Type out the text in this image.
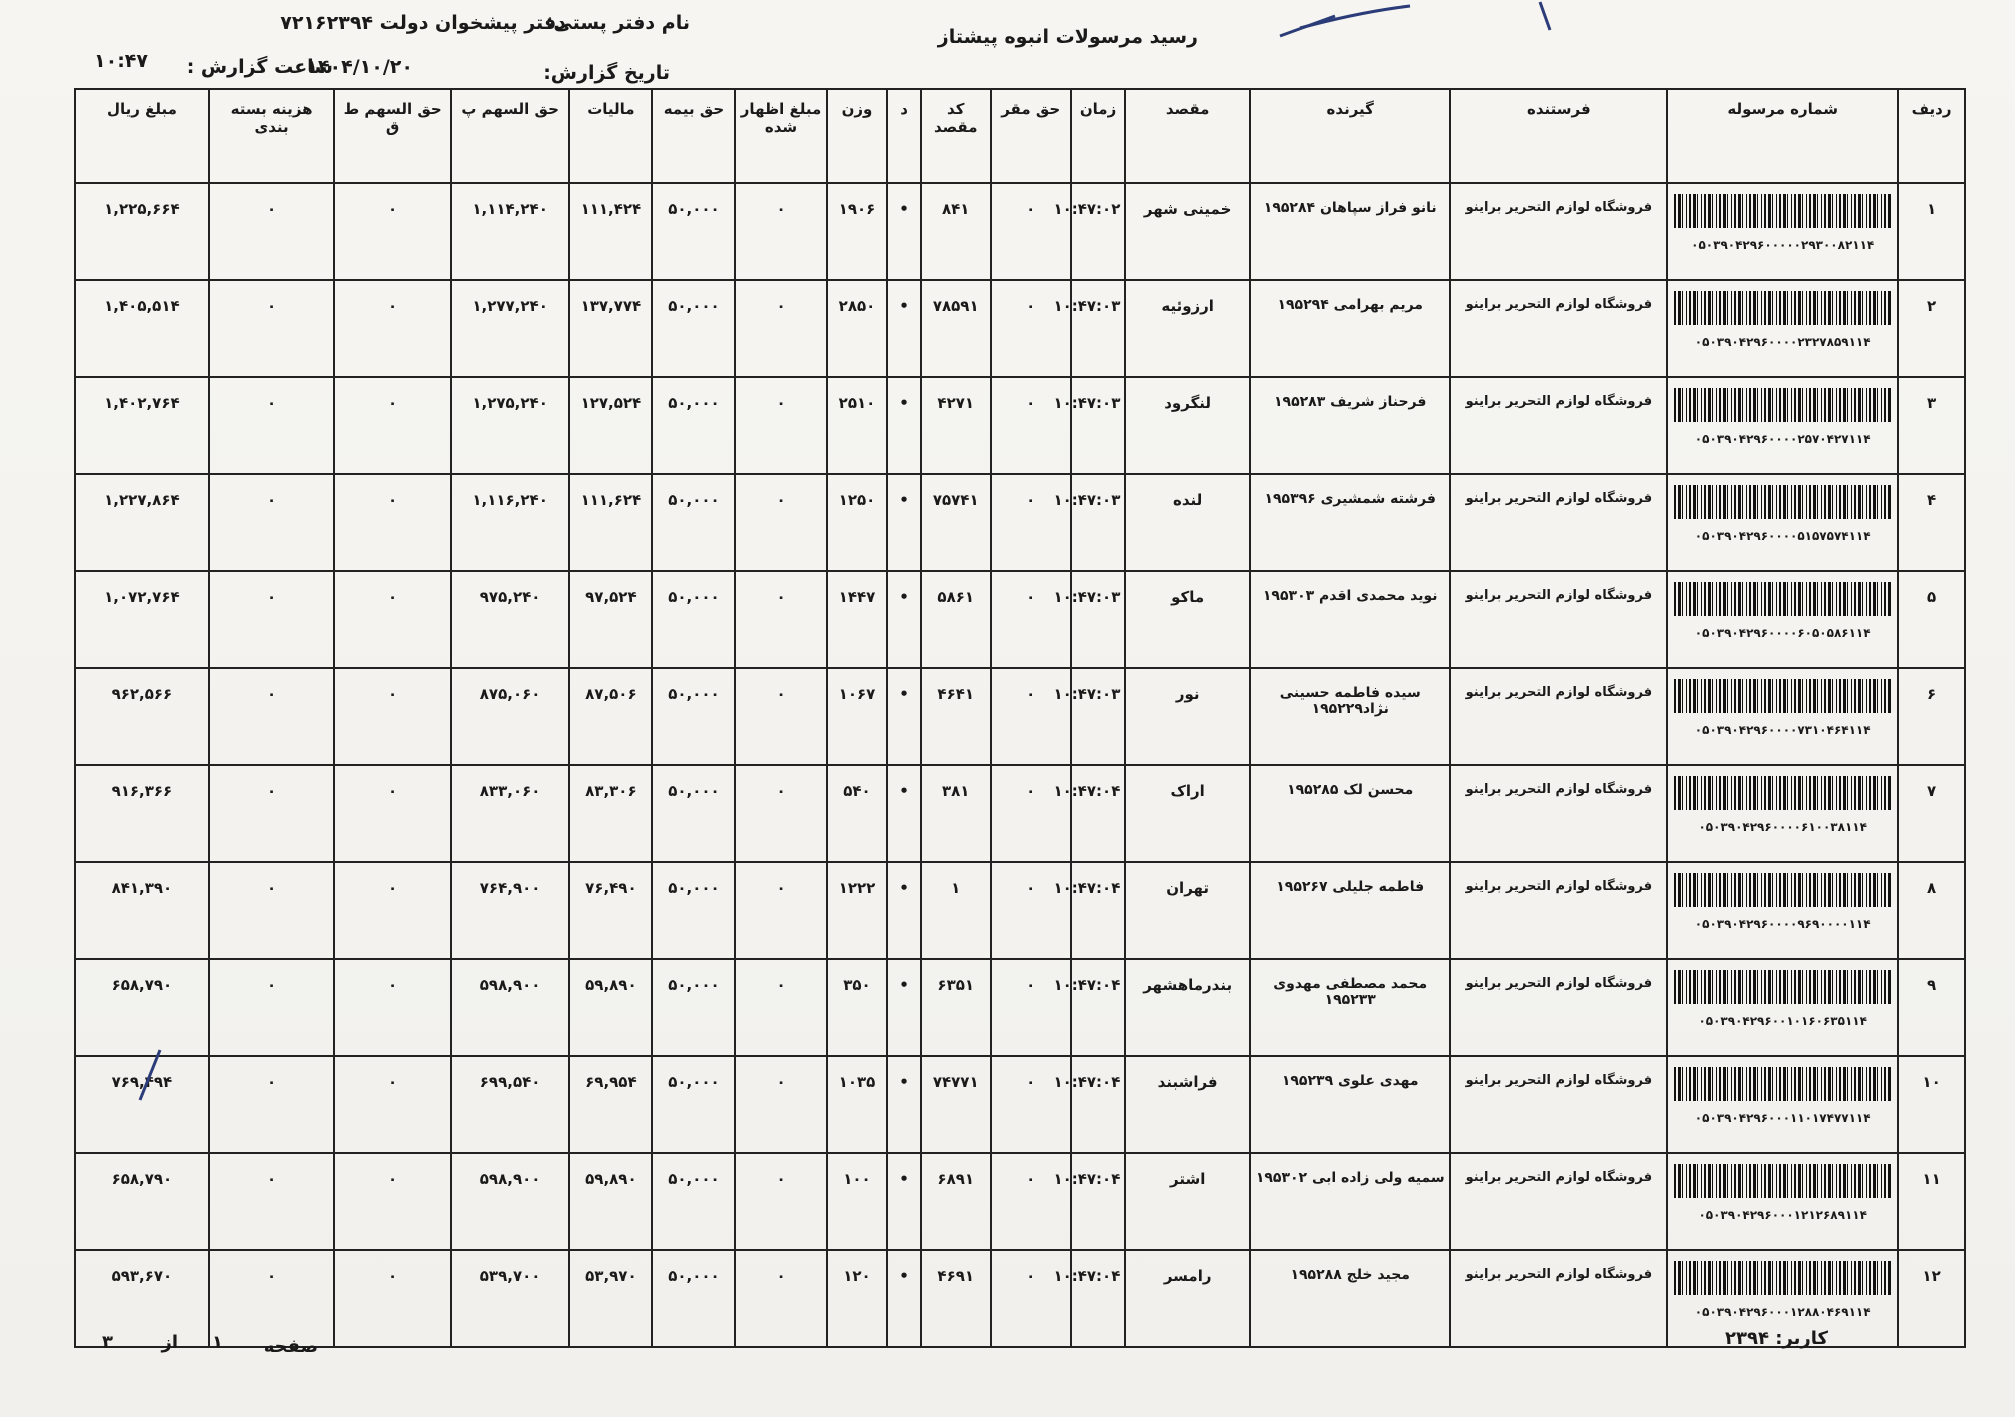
رسید مرسولات انبوه پیشتاز
نام دفتر پستی:
دفتر پیشخوان دولت ۷۲۱۶۲۳۹۴
تاریخ گزارش:
۱۴۰۴/۱۰/۲۰
ساعت گزارش :
۱۰:۴۷
ردیف	شماره مرسوله	فرستنده	گیرنده	مقصد	زمان	حق مقر	کد مقصد	د	وزن	مبلغ اظهار شده	حق بیمه	مالیات	حق السهم پ	حق السهم ط ق	هزینه بسته بندی	مبلغ ریال
۱	۰۵۰۳۹۰۴۲۹۶۰۰۰۰۰۲۹۳۰۰۸۲۱۱۴	فروشگاه لوازم التحریر براینو	نانو فراز سپاهان ۱۹۵۲۸۴	خمینی شهر	۱۰:۴۷:۰۲	۰	۸۴۱	•	۱۹۰۶	۰	۵۰,۰۰۰	۱۱۱,۴۲۴	۱,۱۱۴,۲۴۰	۰	۰	۱,۲۲۵,۶۶۴
۲	۰۵۰۳۹۰۴۲۹۶۰۰۰۰۲۳۲۷۸۵۹۱۱۴	فروشگاه لوازم التحریر براینو	مریم بهرامی ۱۹۵۲۹۴	ارزوئیه	۱۰:۴۷:۰۳	۰	۷۸۵۹۱	•	۲۸۵۰	۰	۵۰,۰۰۰	۱۳۷,۷۷۴	۱,۲۷۷,۲۴۰	۰	۰	۱,۴۰۵,۵۱۴
۳	۰۵۰۳۹۰۴۲۹۶۰۰۰۰۲۵۷۰۴۲۷۱۱۴	فروشگاه لوازم التحریر براینو	فرحناز شریف ۱۹۵۲۸۳	لنگرود	۱۰:۴۷:۰۳	۰	۴۲۷۱	•	۲۵۱۰	۰	۵۰,۰۰۰	۱۲۷,۵۲۴	۱,۲۷۵,۲۴۰	۰	۰	۱,۴۰۲,۷۶۴
۴	۰۵۰۳۹۰۴۲۹۶۰۰۰۰۵۱۵۷۵۷۴۱۱۴	فروشگاه لوازم التحریر براینو	فرشته شمشیری ۱۹۵۳۹۶	لنده	۱۰:۴۷:۰۳	۰	۷۵۷۴۱	•	۱۲۵۰	۰	۵۰,۰۰۰	۱۱۱,۶۲۴	۱,۱۱۶,۲۴۰	۰	۰	۱,۲۲۷,۸۶۴
۵	۰۵۰۳۹۰۴۲۹۶۰۰۰۰۶۰۵۰۵۸۶۱۱۴	فروشگاه لوازم التحریر براینو	نوید محمدی اقدم ۱۹۵۳۰۳	ماکو	۱۰:۴۷:۰۳	۰	۵۸۶۱	•	۱۴۴۷	۰	۵۰,۰۰۰	۹۷,۵۲۴	۹۷۵,۲۴۰	۰	۰	۱,۰۷۲,۷۶۴
۶	۰۵۰۳۹۰۴۲۹۶۰۰۰۰۷۳۱۰۴۶۴۱۱۴	فروشگاه لوازم التحریر براینو	سیده فاطمه حسینی نژاد۱۹۵۲۲۹	نور	۱۰:۴۷:۰۳	۰	۴۶۴۱	•	۱۰۶۷	۰	۵۰,۰۰۰	۸۷,۵۰۶	۸۷۵,۰۶۰	۰	۰	۹۶۲,۵۶۶
۷	۰۵۰۳۹۰۴۲۹۶۰۰۰۰۶۱۰۰۳۸۱۱۴	فروشگاه لوازم التحریر براینو	محسن لک ۱۹۵۲۸۵	اراک	۱۰:۴۷:۰۴	۰	۳۸۱	•	۵۴۰	۰	۵۰,۰۰۰	۸۳,۳۰۶	۸۳۳,۰۶۰	۰	۰	۹۱۶,۳۶۶
۸	۰۵۰۳۹۰۴۲۹۶۰۰۰۰۹۶۹۰۰۰۰۱۱۴	فروشگاه لوازم التحریر براینو	فاطمه جلیلی ۱۹۵۲۶۷	تهران	۱۰:۴۷:۰۴	۰	۱	•	۱۲۲۲	۰	۵۰,۰۰۰	۷۶,۴۹۰	۷۶۴,۹۰۰	۰	۰	۸۴۱,۳۹۰
۹	۰۵۰۳۹۰۴۲۹۶۰۰۱۰۱۶۰۶۳۵۱۱۴	فروشگاه لوازم التحریر براینو	محمد مصطفی مهدوی ۱۹۵۲۳۳	بندرماهشهر	۱۰:۴۷:۰۴	۰	۶۳۵۱	•	۳۵۰	۰	۵۰,۰۰۰	۵۹,۸۹۰	۵۹۸,۹۰۰	۰	۰	۶۵۸,۷۹۰
۱۰	۰۵۰۳۹۰۴۲۹۶۰۰۰۱۱۰۱۷۴۷۷۱۱۴	فروشگاه لوازم التحریر براینو	مهدی علوی ۱۹۵۲۳۹	فراشبند	۱۰:۴۷:۰۴	۰	۷۴۷۷۱	•	۱۰۳۵	۰	۵۰,۰۰۰	۶۹,۹۵۴	۶۹۹,۵۴۰	۰	۰	۷۶۹,۴۹۴
۱۱	۰۵۰۳۹۰۴۲۹۶۰۰۰۱۲۱۲۶۸۹۱۱۴	فروشگاه لوازم التحریر براینو	سمیه ولی زاده ابی ۱۹۵۳۰۲	اشتر	۱۰:۴۷:۰۴	۰	۶۸۹۱	•	۱۰۰	۰	۵۰,۰۰۰	۵۹,۸۹۰	۵۹۸,۹۰۰	۰	۰	۶۵۸,۷۹۰
۱۲	۰۵۰۳۹۰۴۲۹۶۰۰۰۱۲۸۸۰۴۶۹۱۱۴	فروشگاه لوازم التحریر براینو	مجید خلج ۱۹۵۲۸۸	رامسر	۱۰:۴۷:۰۴	۰	۴۶۹۱	•	۱۲۰	۰	۵۰,۰۰۰	۵۳,۹۷۰	۵۳۹,۷۰۰	۰	۰	۵۹۳,۶۷۰
کاربر: ۲۳۹۴
صفحه
۱
از
۳
